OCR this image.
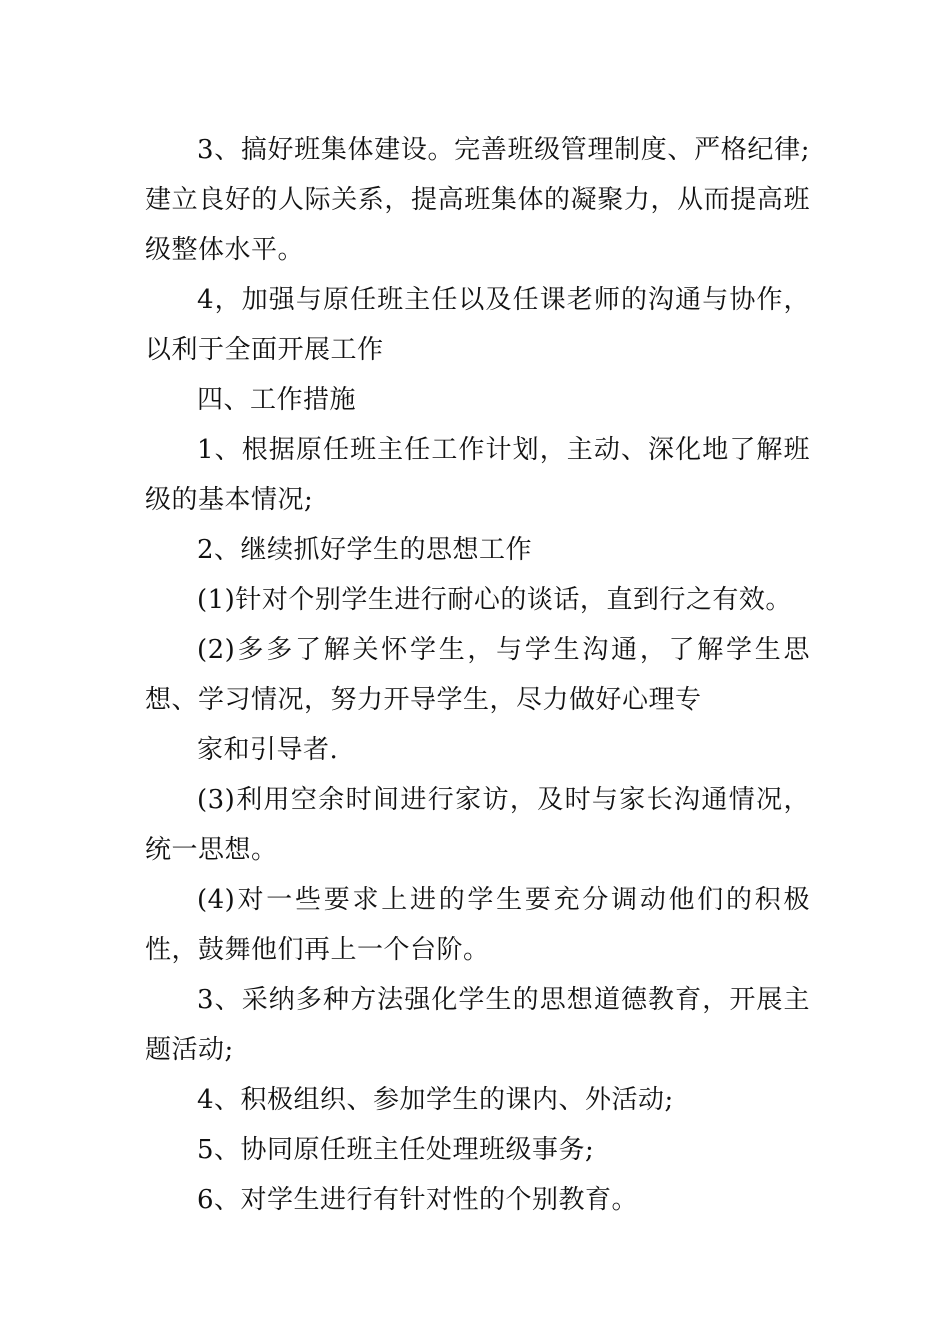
3、搞好班集体建设。完善班级管理制度、严格纪律;建立良好的人际关系，提高班集体的凝聚力，从而提高班级整体水平。

4，加强与原任班主任以及任课老师的沟通与协作，以利于全面开展工作

四、工作措施

1、根据原任班主任工作计划，主动、深化地了解班级的基本情况;

2、继续抓好学生的思想工作

(1)针对个别学生进行耐心的谈话，直到行之有效。

(2)多多了解关怀学生，与学生沟通，了解学生思想、学习情况，努力开导学生，尽力做好心理专

家和引导者.

(3)利用空余时间进行家访，及时与家长沟通情况，统一思想。

(4)对一些要求上进的学生要充分调动他们的积极性，鼓舞他们再上一个台阶。

3、采纳多种方法强化学生的思想道德教育，开展主题活动;

4、积极组织、参加学生的课内、外活动;

5、协同原任班主任处理班级事务;

6、对学生进行有针对性的个别教育。
